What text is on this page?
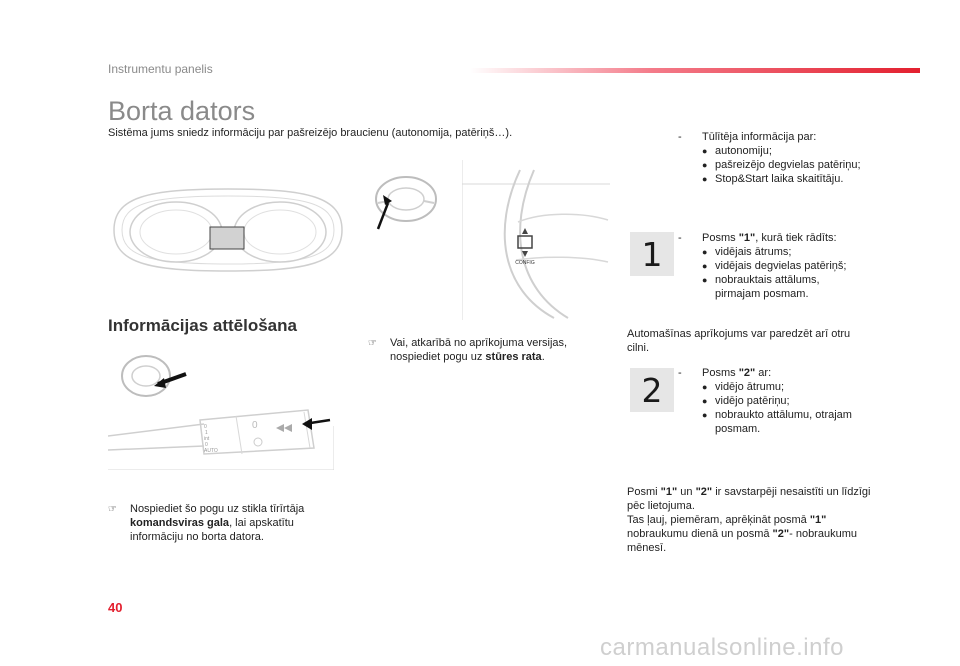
Instrumentu panelis
Borta dators
Sistēma jums sniedz informāciju par pašreizējo braucienu (autonomija, patēriņš…).
CONFIG
Informācijas attēlošana
0
1
int
0
AUTO
0
☞ Nospiediet šo pogu uz stikla tīrīrtāja komandsviras gala, lai apskatītu informāciju no borta datora.
☞ Vai, atkarībā no aprīkojuma versijas, nospiediet pogu uz stūres rata.
- Tūlītēja informācija par:
● autonomiju;
● pašreizējo degvielas patēriņu;
● Stop&Start laika skaitītāju.
1	- Posms "1", kurā tiek rādīts:
● vidējais ātrums;
● vidējais degvielas patēriņš;
● nobrauktais attālums, pirmajam posmam.
Automašīnas aprīkojums var paredzēt arī otru cilni.
2	- Posms "2" ar:
● vidējo ātrumu;
● vidējo patēriņu;
● nobraukto attālumu, otrajam posmam.
Posmi "1" un "2" ir savstarpēji nesaistīti un līdzīgi pēc lietojuma.
Tas ļauj, piemēram, aprēķināt posmā "1" nobraukumu dienā un posmā "2"- nobraukumu mēnesī.
40
carmanualsonline.info
